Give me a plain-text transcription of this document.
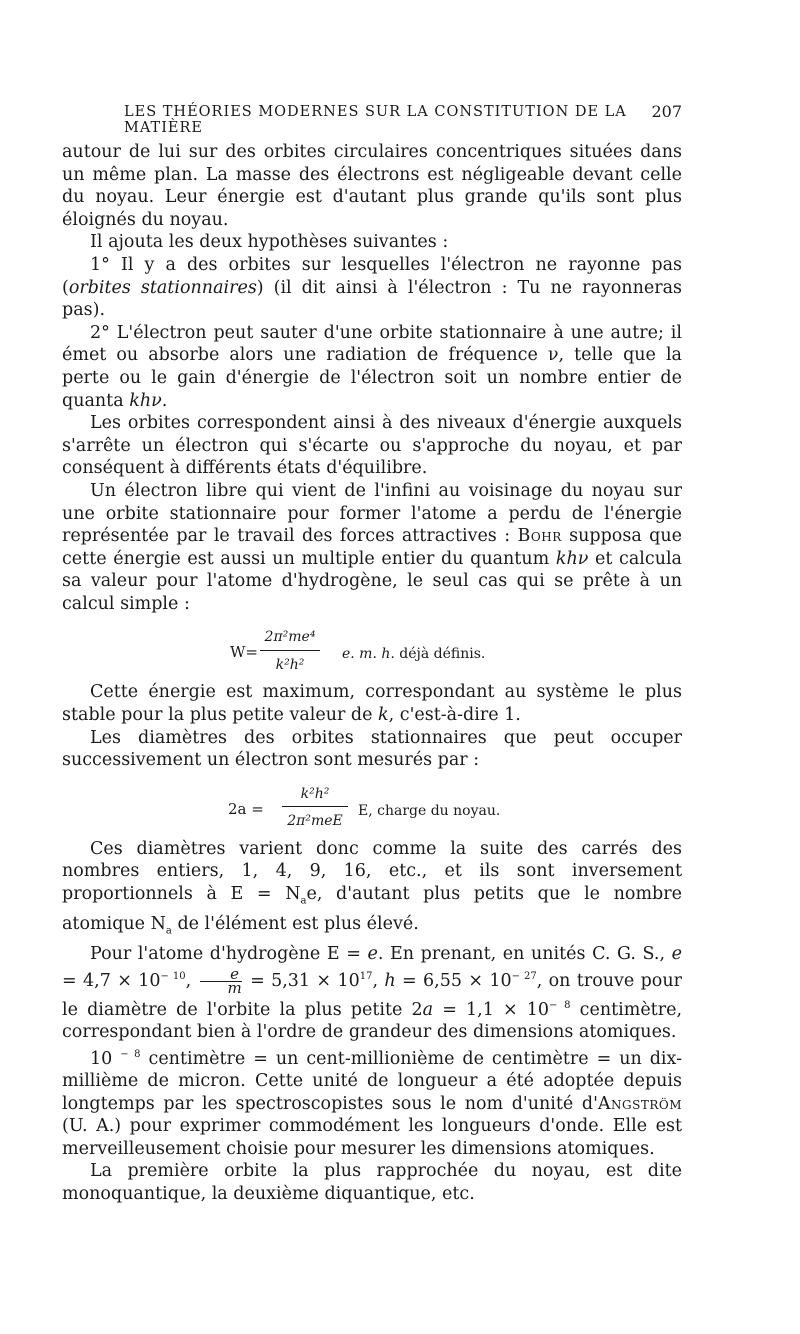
LES THÉORIES MODERNES SUR LA CONSTITUTION DE LA MATIÈRE
207

autour de lui sur des orbites circulaires concentriques situées dans un même plan. La masse des électrons est négligeable devant celle du noyau. Leur énergie est d'autant plus grande qu'ils sont plus éloignés du noyau.

Il ajouta les deux hypothèses suivantes :

1° Il y a des orbites sur lesquelles l'électron ne rayonne pas (orbites stationnaires) (il dit ainsi à l'électron : Tu ne rayonneras pas).

2° L'électron peut sauter d'une orbite stationnaire à une autre; il émet ou absorbe alors une radiation de fréquence ν, telle que la perte ou le gain d'énergie de l'électron soit un nombre entier de quanta khν.

Les orbites correspondent ainsi à des niveaux d'énergie auxquels s'arrête un électron qui s'écarte ou s'approche du noyau, et par conséquent à différents états d'équilibre.

Un électron libre qui vient de l'infini au voisinage du noyau sur une orbite stationnaire pour former l'atome a perdu de l'énergie représentée par le travail des forces attractives : Bohr supposa que cette énergie est aussi un multiple entier du quantum khν et calcula sa valeur pour l'atome d'hydrogène, le seul cas qui se prête à un calcul simple :

W=
2π²me⁴
k²h²
e. m. h. déjà définis.

Cette énergie est maximum, correspondant au système le plus stable pour la plus petite valeur de k, c'est-à-dire 1.

Les diamètres des orbites stationnaires que peut occuper successivement un électron sont mesurés par :

2a =
k²h²
2π²meE
E, charge du noyau.

Ces diamètres varient donc comme la suite des carrés des nombres entiers, 1, 4, 9, 16, etc., et ils sont inversement proportionnels à $E = N_ae$, d'autant plus petits que le nombre atomique $N_a$ de l'élément est plus élevé.

Pour l'atome d'hydrogène E = e. En prenant, en unités C. G. S., $e = 4,7 \times 10^{- 10}$, $\frac{e}{m} = 5,31 \times 10^{17}$, $h = 6,55 \times 10^{- 27}$, on trouve pour le diamètre de l'orbite la plus petite $2a = 1,1 \times 10^{- 8}$ centimètre, correspondant bien à l'ordre de grandeur des dimensions atomiques.

10 $^{- 8}$ centimètre = un cent-millionième de centimètre = un dix-millième de micron. Cette unité de longueur a été adoptée depuis longtemps par les spectroscopistes sous le nom d'unité d'Angström (U. A.) pour exprimer commodément les longueurs d'onde. Elle est merveilleusement choisie pour mesurer les dimensions atomiques.

La première orbite la plus rapprochée du noyau, est dite monoquantique, la deuxième diquantique, etc.
